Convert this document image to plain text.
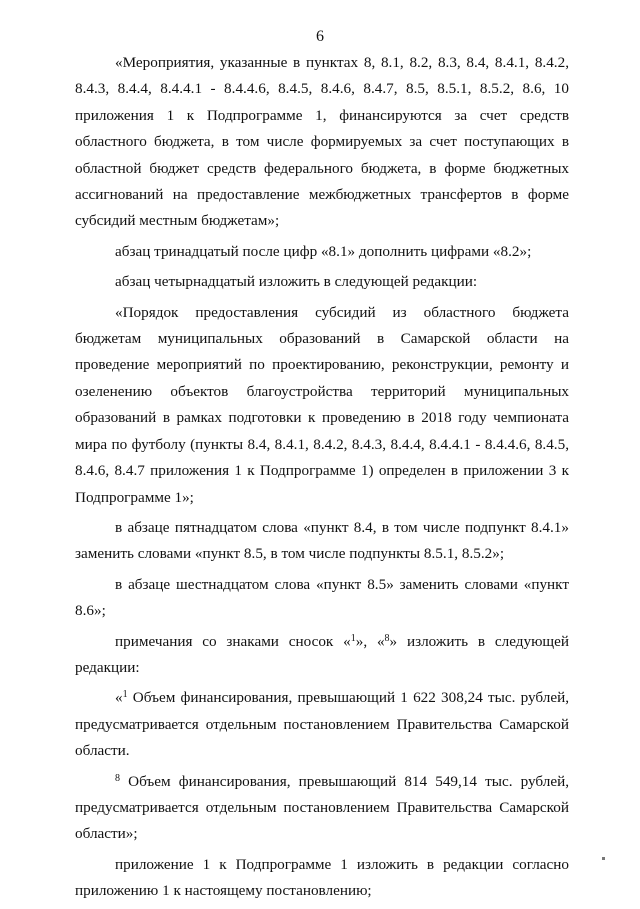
6

«Мероприятия, указанные в пунктах 8, 8.1, 8.2, 8.3, 8.4, 8.4.1, 8.4.2, 8.4.3, 8.4.4, 8.4.4.1 - 8.4.4.6, 8.4.5, 8.4.6, 8.4.7, 8.5, 8.5.1, 8.5.2, 8.6, 10 приложения 1 к Подпрограмме 1, финансируются за счет средств областного бюджета, в том числе формируемых за счет поступающих в областной бюджет средств федерального бюджета, в форме бюджетных ассигнований на предоставление межбюджетных трансфертов в форме субсидий местным бюджетам»;

абзац тринадцатый после цифр «8.1» дополнить цифрами «8.2»;

абзац четырнадцатый изложить в следующей редакции:

«Порядок предоставления субсидий из областного бюджета бюджетам муниципальных образований в Самарской области на проведение мероприятий по проектированию, реконструкции, ремонту и озеленению объектов благоустройства территорий муниципальных образований в рамках подготовки к проведению в 2018 году чемпионата мира по футболу (пункты 8.4, 8.4.1, 8.4.2, 8.4.3, 8.4.4, 8.4.4.1 - 8.4.4.6, 8.4.5, 8.4.6, 8.4.7 приложения 1 к Подпрограмме 1) определен в приложении 3 к Подпрограмме 1»;

в абзаце пятнадцатом слова «пункт 8.4, в том числе подпункт 8.4.1» заменить словами «пункт 8.5, в том числе подпункты 8.5.1, 8.5.2»;

в абзаце шестнадцатом слова «пункт 8.5» заменить словами «пункт 8.6»;

примечания со знаками сносок «$^1$», «$^8$» изложить в следующей редакции:

«$^1$ Объем финансирования, превышающий 1 622 308,24 тыс. рублей, предусматривается отдельным постановлением Правительства Самарской области.

$^8$ Объем финансирования, превышающий 814 549,14 тыс. рублей, предусматривается отдельным постановлением Правительства Самарской области»;

приложение 1 к Подпрограмме 1 изложить в редакции согласно приложению 1 к настоящему постановлению;
